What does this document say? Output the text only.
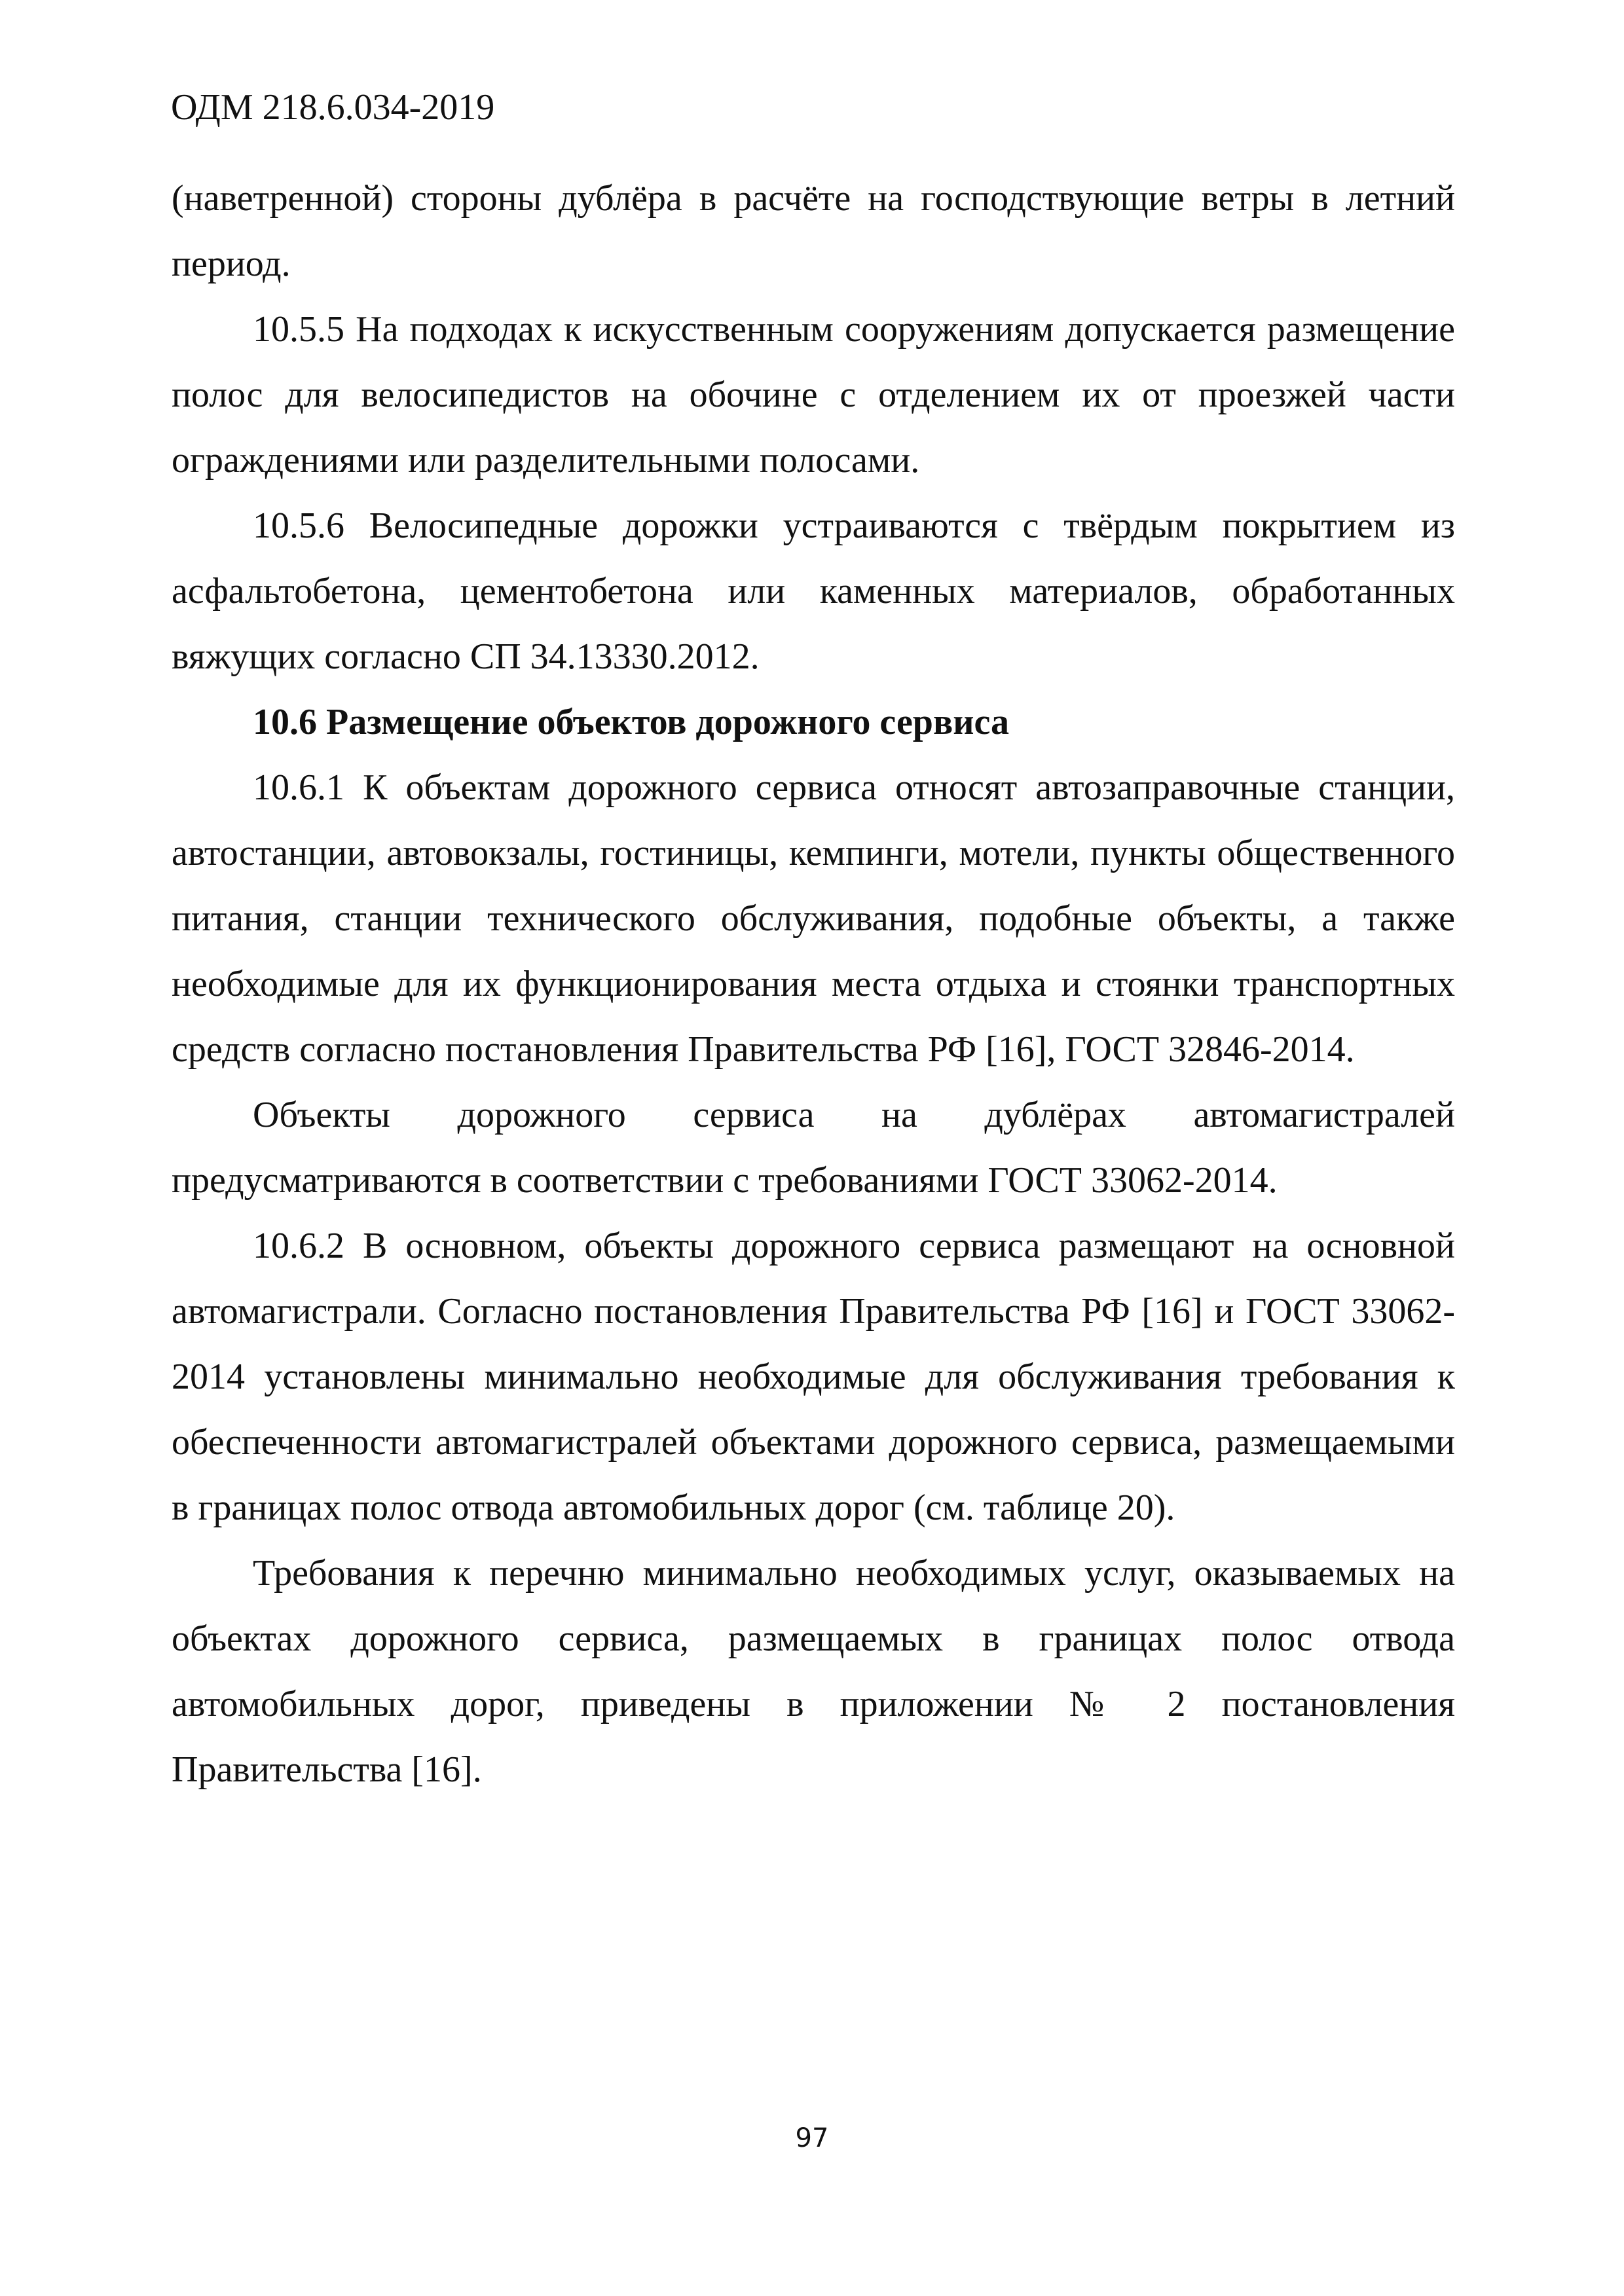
ОДМ 218.6.034-2019

(наветренной) стороны дублёра в расчёте на господствующие ветры в летний период.

10.5.5 На подходах к искусственным сооружениям допускается размещение полос для велосипедистов на обочине с отделением их от проезжей части ограждениями или разделительными полосами.

10.5.6 Велосипедные дорожки устраиваются с твёрдым покрытием из асфальтобетона, цементобетона или каменных материалов, обработанных вяжущих согласно СП 34.13330.2012.

10.6 Размещение объектов дорожного сервиса

10.6.1 К объектам дорожного сервиса относят автозаправочные станции, автостанции, автовокзалы, гостиницы, кемпинги, мотели, пункты общественного питания, станции технического обслуживания, подобные объекты, а также необходимые для их функционирования места отдыха и стоянки транспортных средств согласно постановления Правительства РФ [16], ГОСТ 32846-2014.

Объекты дорожного сервиса на дублёрах автомагистралей предусматриваются в соответствии с требованиями ГОСТ 33062-2014.

10.6.2 В основном, объекты дорожного сервиса размещают на основной автомагистрали. Согласно постановления Правительства РФ [16] и ГОСТ 33062-2014 установлены минимально необходимые для обслуживания требования к обеспеченности автомагистралей объектами дорожного сервиса, размещаемыми в границах полос отвода автомобильных дорог (см. таблице 20).

Требования к перечню минимально необходимых услуг, оказываемых на объектах дорожного сервиса, размещаемых в границах полос отвода автомобильных дорог, приведены в приложении № 2 постановления Правительства [16].

97
